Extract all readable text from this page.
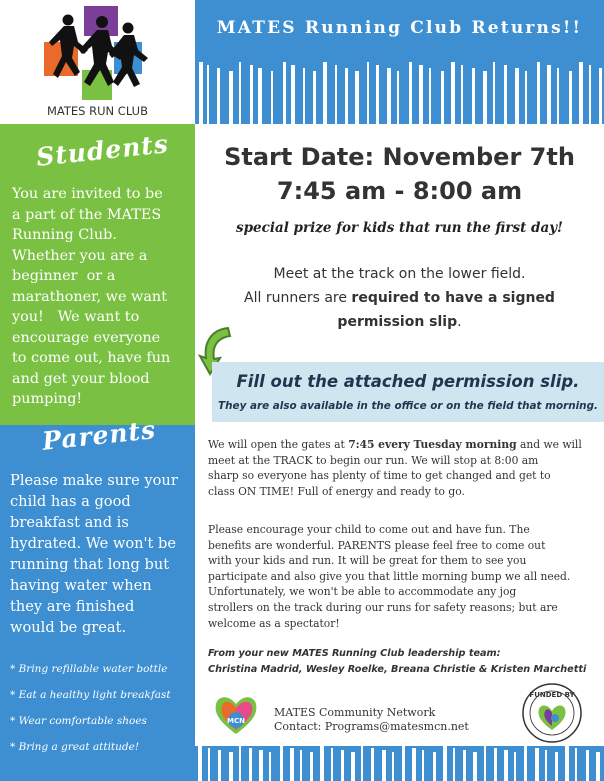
MATES RUN CLUB
Students
You are invited to be
a part of the MATES
Running Club.
Whether you are a
beginner  or a
marathoner, we want
you!   We want to
encourage everyone
to come out, have fun
and get your blood
pumping!
Parents
Please make sure your
child has a good
breakfast and is
hydrated. We won't be
running that long but
having water when
they are finished
would be great.
* Bring refillable water bottle
* Eat a healthy light breakfast
* Wear comfortable shoes
* Bring a great attitude!
MATES Running Club Returns!!
Start Date: November 7th
7:45 am - 8:00 am
special prize for kids that run the first day!
Meet at the track on the lower field.
All runners are required to have a signed
permission slip.
Fill out the attached permission slip.
They are also available in the office or on the field that morning.
We will open the gates at 7:45 every Tuesday morning and we will
meet at the TRACK to begin our run. We will stop at 8:00 am
sharp so everyone has plenty of time to get changed and get to
class ON TIME! Full of energy and ready to go.
Please encourage your child to come out and have fun. The
benefits are wonderful. PARENTS please feel free to come out
with your kids and run. It will be great for them to see you
participate and also give you that little morning bump we all need.
Unfortunately, we won't be able to accommodate any jog
strollers on the track during our runs for safety reasons; but are
welcome as a spectator!
From your new MATES Running Club leadership team:
Christina Madrid, Wesley Roelke, Breana Christie & Kristen Marchetti
MCN
MATES Community Network
Contact: Programs@matesmcn.net
FUNDED BY
